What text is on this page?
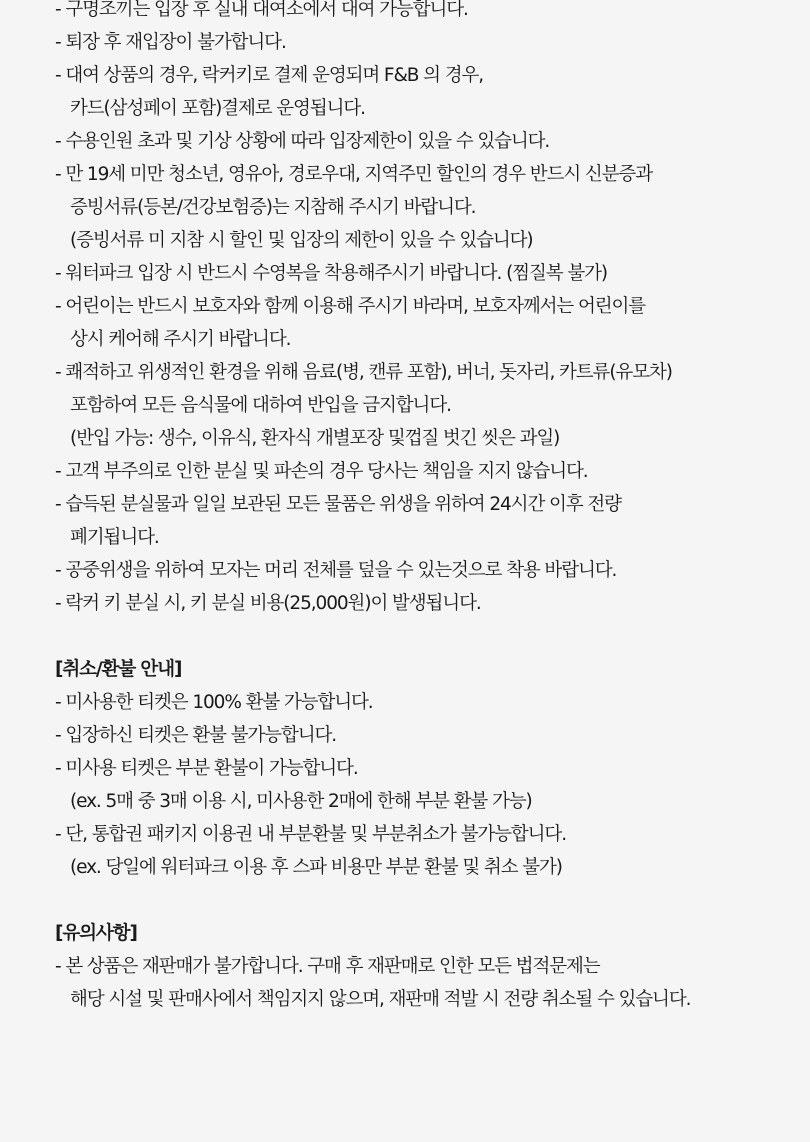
- 구명조끼는 입장 후 실내 대여소에서 대여 가능합니다.
- 퇴장 후 재입장이 불가합니다.
- 대여 상품의 경우, 락커키로 결제 운영되며 F&B 의 경우,
카드(삼성페이 포함)결제로 운영됩니다.
- 수용인원 초과 및 기상 상황에 따라 입장제한이 있을 수 있습니다.
- 만 19세 미만 청소년, 영유아, 경로우대, 지역주민 할인의 경우 반드시 신분증과
증빙서류(등본/건강보험증)는 지참해 주시기 바랍니다.
(증빙서류 미 지참 시 할인 및 입장의 제한이 있을 수 있습니다)
- 워터파크 입장 시 반드시 수영복을 착용해주시기 바랍니다. (찜질복 불가)
- 어린이는 반드시 보호자와 함께 이용해 주시기 바라며, 보호자께서는 어린이를
상시 케어해 주시기 바랍니다.
- 쾌적하고 위생적인 환경을 위해 음료(병, 캔류 포함), 버너, 돗자리, 카트류(유모차)
포함하여 모든 음식물에 대하여 반입을 금지합니다.
(반입 가능: 생수, 이유식, 환자식 개별포장 및껍질 벗긴 씻은 과일)
- 고객 부주의로 인한 분실 및 파손의 경우 당사는 책임을 지지 않습니다.
- 습득된 분실물과 일일 보관된 모든 물품은 위생을 위하여 24시간 이후 전량
폐기됩니다.
- 공중위생을 위하여 모자는 머리 전체를 덮을 수 있는것으로 착용 바랍니다.
- 락커 키 분실 시, 키 분실 비용(25,000원)이 발생됩니다.
[취소/환불 안내]
- 미사용한 티켓은 100% 환불 가능합니다.
- 입장하신 티켓은 환불 불가능합니다.
- 미사용 티켓은 부분 환불이 가능합니다.
(ex. 5매 중 3매 이용 시, 미사용한 2매에 한해 부분 환불 가능)
- 단, 통합권 패키지 이용권 내 부분환불 및 부분취소가 불가능합니다.
(ex. 당일에 워터파크 이용 후 스파 비용만 부분 환불 및 취소 불가)
[유의사항]
- 본 상품은 재판매가 불가합니다. 구매 후 재판매로 인한 모든 법적문제는
해당 시설 및 판매사에서 책임지지 않으며, 재판매 적발 시 전량 취소될 수 있습니다.
